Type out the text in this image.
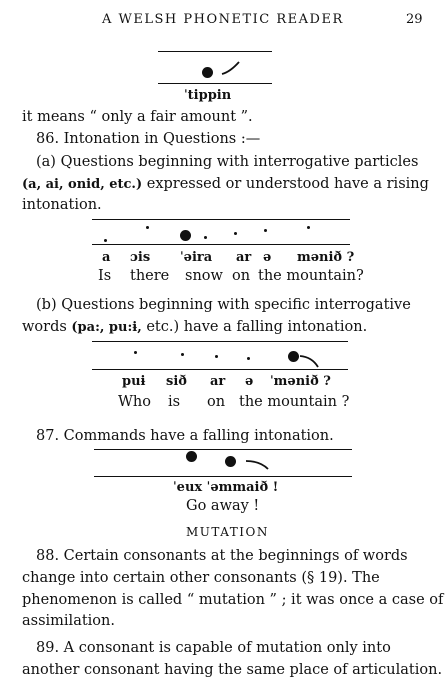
A WELSH PHONETIC READER	29
ˈtippin
it means “ only a fair amount ”.
86. Intonation in Questions :—
(a) Questions beginning with interrogative particles
(a, ai, onid, etc.) expressed or understood have a rising
intonation.
a ɔis ˈəira ar ə mənið ?
Is there snow on the mountain?
(b) Questions beginning with specific interrogative
words (pa:, pu:ɨ, etc.) have a falling intonation.
puɨ sið ar ə ˈmənið ?
Who is on the mountain ?
87. Commands have a falling intonation.
ˈeux ˈəmmaið !
Go away !
MUTATION
88. Certain consonants at the beginnings of words
change into certain other consonants (§ 19). The
phenomenon is called “ mutation ” ; it was once a case of
assimilation.
89. A consonant is capable of mutation only into
another consonant having the same place of articulation.
